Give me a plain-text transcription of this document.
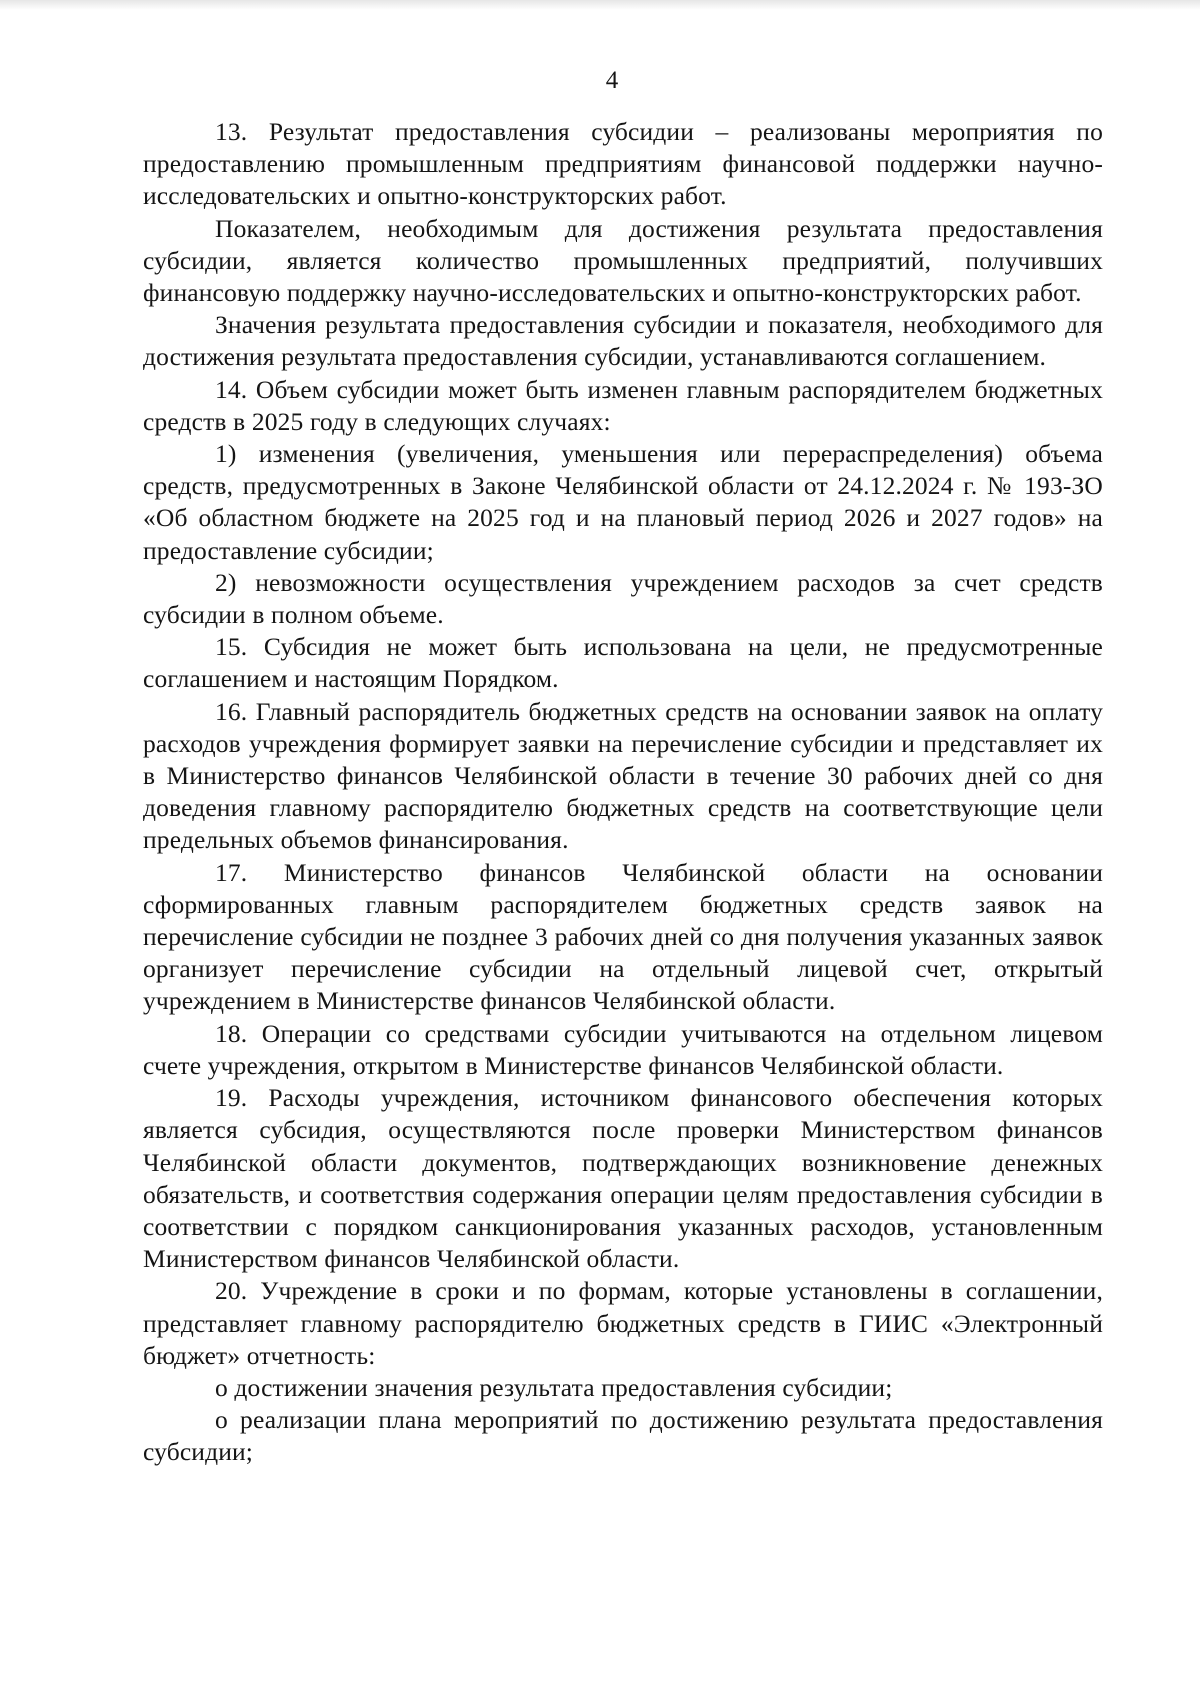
4

13. Результат предоставления субсидии – реализованы мероприятия по предоставлению промышленным предприятиям финансовой поддержки научно-исследовательских и опытно-конструкторских работ.

Показателем, необходимым для достижения результата предоставления субсидии, является количество промышленных предприятий, получивших финансовую поддержку научно-исследовательских и опытно-конструкторских работ.

Значения результата предоставления субсидии и показателя, необходимого для достижения результата предоставления субсидии, устанавливаются соглашением.

14. Объем субсидии может быть изменен главным распорядителем бюджетных средств в 2025 году в следующих случаях:

1) изменения (увеличения, уменьшения или перераспределения) объема средств, предусмотренных в Законе Челябинской области от 24.12.2024 г. № 193-ЗО «Об областном бюджете на 2025 год и на плановый период 2026 и 2027 годов» на предоставление субсидии;

2) невозможности осуществления учреждением расходов за счет средств субсидии в полном объеме.

15. Субсидия не может быть использована на цели, не предусмотренные соглашением и настоящим Порядком.

16. Главный распорядитель бюджетных средств на основании заявок на оплату расходов учреждения формирует заявки на перечисление субсидии и представляет их в Министерство финансов Челябинской области в течение 30 рабочих дней со дня доведения главному распорядителю бюджетных средств на соответствующие цели предельных объемов финансирования.

17. Министерство финансов Челябинской области на основании сформированных главным распорядителем бюджетных средств заявок на перечисление субсидии не позднее 3 рабочих дней со дня получения указанных заявок организует перечисление субсидии на отдельный лицевой счет, открытый учреждением в Министерстве финансов Челябинской области.

18. Операции со средствами субсидии учитываются на отдельном лицевом счете учреждения, открытом в Министерстве финансов Челябинской области.

19. Расходы учреждения, источником финансового обеспечения которых является субсидия, осуществляются после проверки Министерством финансов Челябинской области документов, подтверждающих возникновение денежных обязательств, и соответствия содержания операции целям предоставления субсидии в соответствии с порядком санкционирования указанных расходов, установленным Министерством финансов Челябинской области.

20. Учреждение в сроки и по формам, которые установлены в соглашении, представляет главному распорядителю бюджетных средств в ГИИС «Электронный бюджет» отчетность:

о достижении значения результата предоставления субсидии;

о реализации плана мероприятий по достижению результата предоставления субсидии;
